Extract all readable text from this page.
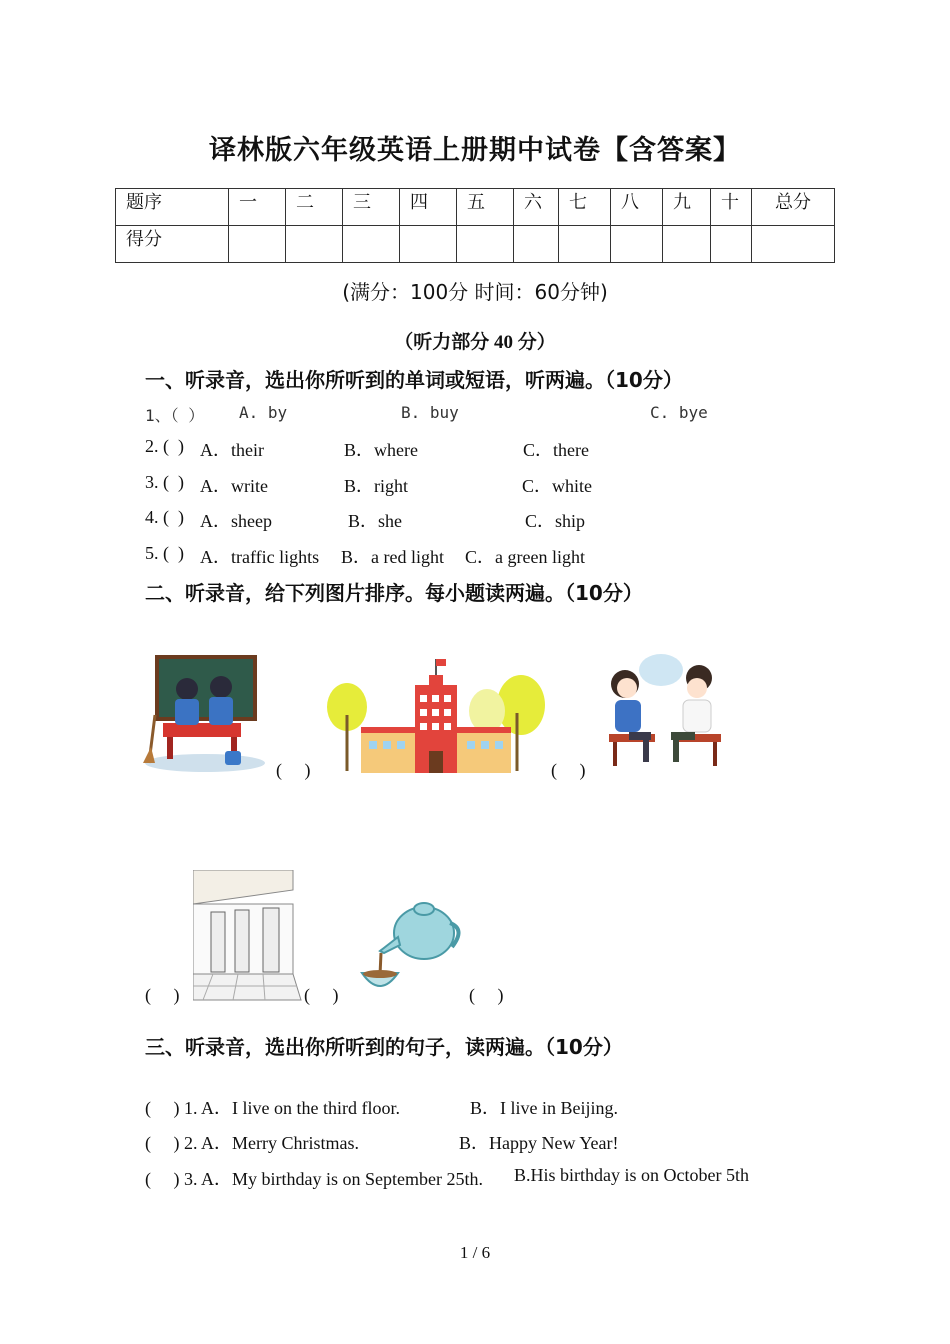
译林版六年级英语上册期中试卷【含答案】
题序	一	二	三	四	五	六	七	八	九	十	总分
得分											
(满分：100分 时间：60分钟)
（听力部分 40 分）
一、听录音，选出你所听到的单词或短语，听两遍。（10分）
1、（ ） A. by	B. buy	C. bye
2. (  ) A．their	B．where	C．there
3. (  ) A．write	B．right	C．white
4. (  ) A．sheep	B．she	C．ship
5. (  ) A．traffic lights B．a red light C．a green light
二、听录音，给下列图片排序。每小题读两遍。（10分）
(     )	(     )
(     )	(     )	(     )
三、听录音，选出你所听到的句子，读两遍。（10分）
(     ) 1. A．I live on the third floor.	B．I live in Beijing.
(     ) 2. A．Merry Christmas.	B．Happy New Year!
(     ) 3. A．My birthday is on September 25th. B.His birthday is on October 5th
1 / 6
